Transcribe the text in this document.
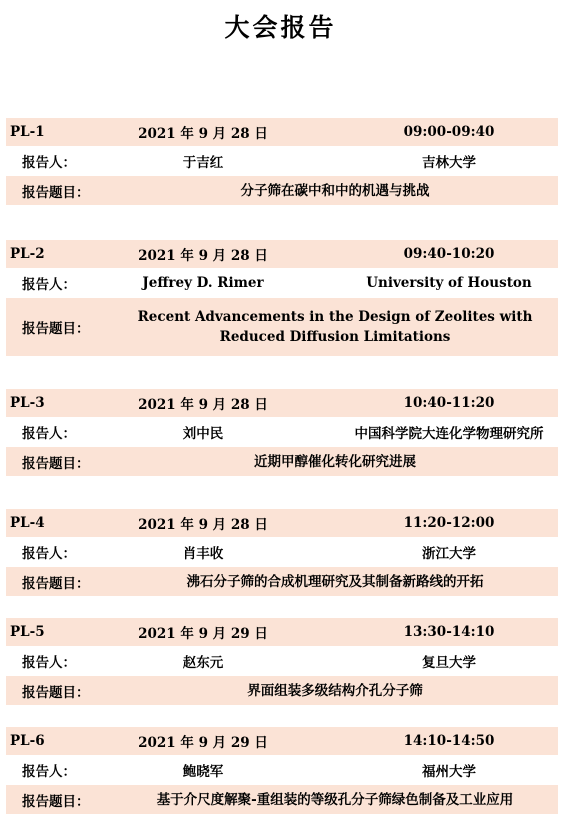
大会报告
PL-1	2021 年 9 月 28 日	09:00-09:40
报告人：	于吉红	吉林大学
报告题目：	分子筛在碳中和中的机遇与挑战
PL-2	2021 年 9 月 28 日	09:40-10:20
报告人：	Jeffrey D. Rimer	University of Houston
报告题目：
Recent Advancements in the Design of Zeolites with Reduced Diffusion Limitations
PL-3	2021 年 9 月 28 日	10:40-11:20
报告人：	刘中民	中国科学院大连化学物理研究所
报告题目：	近期甲醇催化转化研究进展
PL-4	2021 年 9 月 28 日	11:20-12:00
报告人：	肖丰收	浙江大学
报告题目：	沸石分子筛的合成机理研究及其制备新路线的开拓
PL-5	2021 年 9 月 29 日	13:30-14:10
报告人：	赵东元	复旦大学
报告题目：	界面组装多级结构介孔分子筛
PL-6	2021 年 9 月 29 日	14:10-14:50
报告人：	鲍晓军	福州大学
报告题目：	基于介尺度解聚-重组装的等级孔分子筛绿色制备及工业应用
